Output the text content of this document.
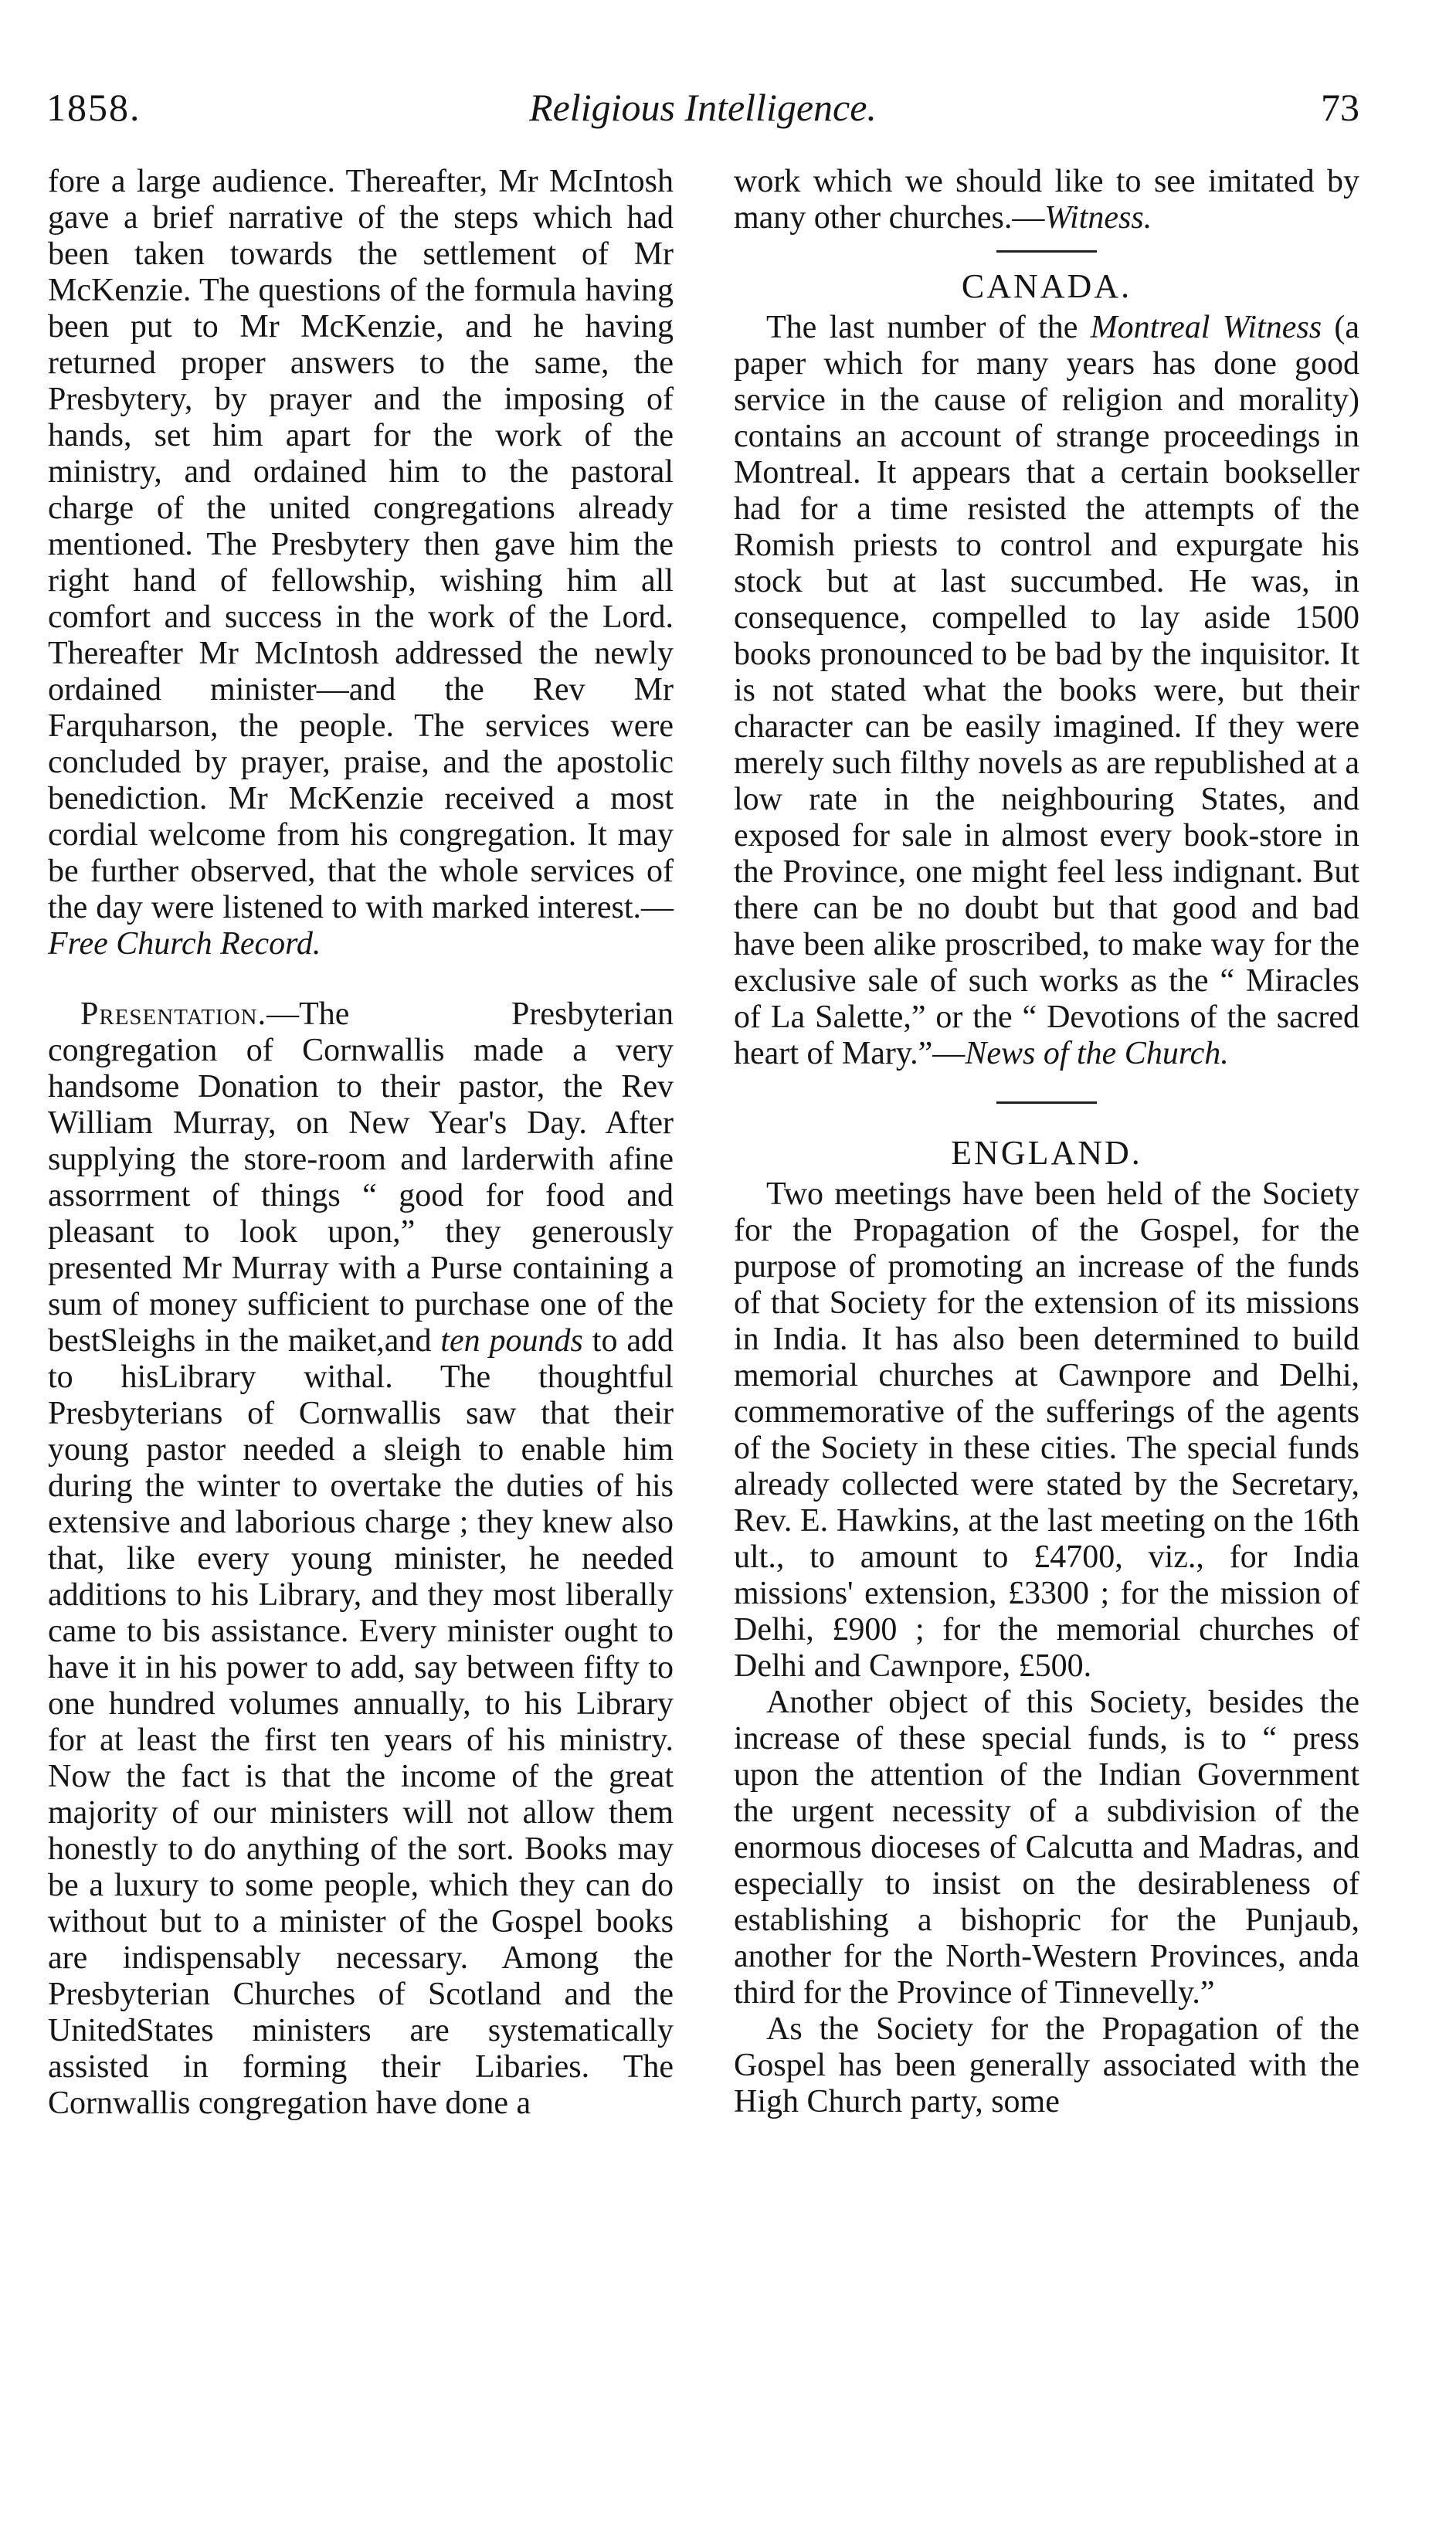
1858.	Religious Intelligence.	73

fore a large audience. Thereafter, Mr McIntosh gave a brief narrative of the steps which had been taken towards the settlement of Mr McKenzie. The questions of the formula having been put to Mr McKenzie, and he having returned proper answers to the same, the Presbytery, by prayer and the imposing of hands, set him apart for the work of the ministry, and ordained him to the pastoral charge of the united congregations already mentioned. The Presbytery then gave him the right hand of fellowship, wishing him all comfort and success in the work of the Lord. Thereafter Mr McIntosh addressed the newly ordained minister—and the Rev Mr Farquharson, the people. The services were concluded by prayer, praise, and the apostolic benediction. Mr McKenzie received a most cordial welcome from his congregation. It may be further observed, that the whole services of the day were listened to with marked interest.—Free Church Record.

Presentation.—The Presbyterian congregation of Cornwallis made a very handsome Donation to their pastor, the Rev William Murray, on New Year's Day. After supplying the store-room and larderwith afine assorrment of things “ good for food and pleasant to look upon,” they generously presented Mr Murray with a Purse containing a sum of money sufficient to purchase one of the bestSleighs in the maiket,and ten pounds to add to hisLibrary withal. The thoughtful Presbyterians of Cornwallis saw that their young pastor needed a sleigh to enable him during the winter to overtake the duties of his extensive and laborious charge ; they knew also that, like every young minister, he needed additions to his Library, and they most liberally came to bis assistance. Every minister ought to have it in his power to add, say between fifty to one hundred volumes annually, to his Library for at least the first ten years of his ministry. Now the fact is that the income of the great majority of our ministers will not allow them honestly to do anything of the sort. Books may be a luxury to some people, which they can do without but to a minister of the Gospel books are indispensably necessary. Among the Presbyterian Churches of Scotland and the UnitedStates ministers are systematically assisted in forming their Libaries. The Cornwallis congregation have done a

work which we should like to see imitated by many other churches.—Witness.

CANADA.

The last number of the Montreal Witness (a paper which for many years has done good service in the cause of religion and morality) contains an account of strange proceedings in Montreal. It appears that a certain bookseller had for a time resisted the attempts of the Romish priests to control and expurgate his stock but at last succumbed. He was, in consequence, compelled to lay aside 1500 books pronounced to be bad by the inquisitor. It is not stated what the books were, but their character can be easily imagined. If they were merely such filthy novels as are republished at a low rate in the neighbouring States, and exposed for sale in almost every book-store in the Province, one might feel less indignant. But there can be no doubt but that good and bad have been alike proscribed, to make way for the exclusive sale of such works as the “ Miracles of La Salette,” or the “ Devotions of the sacred heart of Mary.”—News of the Church.

ENGLAND.

Two meetings have been held of the Society for the Propagation of the Gospel, for the purpose of promoting an increase of the funds of that Society for the extension of its missions in India. It has also been determined to build memorial churches at Cawnpore and Delhi, commemorative of the sufferings of the agents of the Society in these cities. The special funds already collected were stated by the Secretary, Rev. E. Hawkins, at the last meeting on the 16th ult., to amount to £4700, viz., for India missions' extension, £3300 ; for the mission of Delhi, £900 ; for the memorial churches of Delhi and Cawnpore, £500.

Another object of this Society, besides the increase of these special funds, is to “ press upon the attention of the Indian Government the urgent necessity of a subdivision of the enormous dioceses of Calcutta and Madras, and especially to insist on the desirableness of establishing a bishopric for the Punjaub, another for the North-Western Provinces, anda third for the Province of Tinnevelly.”

As the Society for the Propagation of the Gospel has been generally associated with the High Church party, some
